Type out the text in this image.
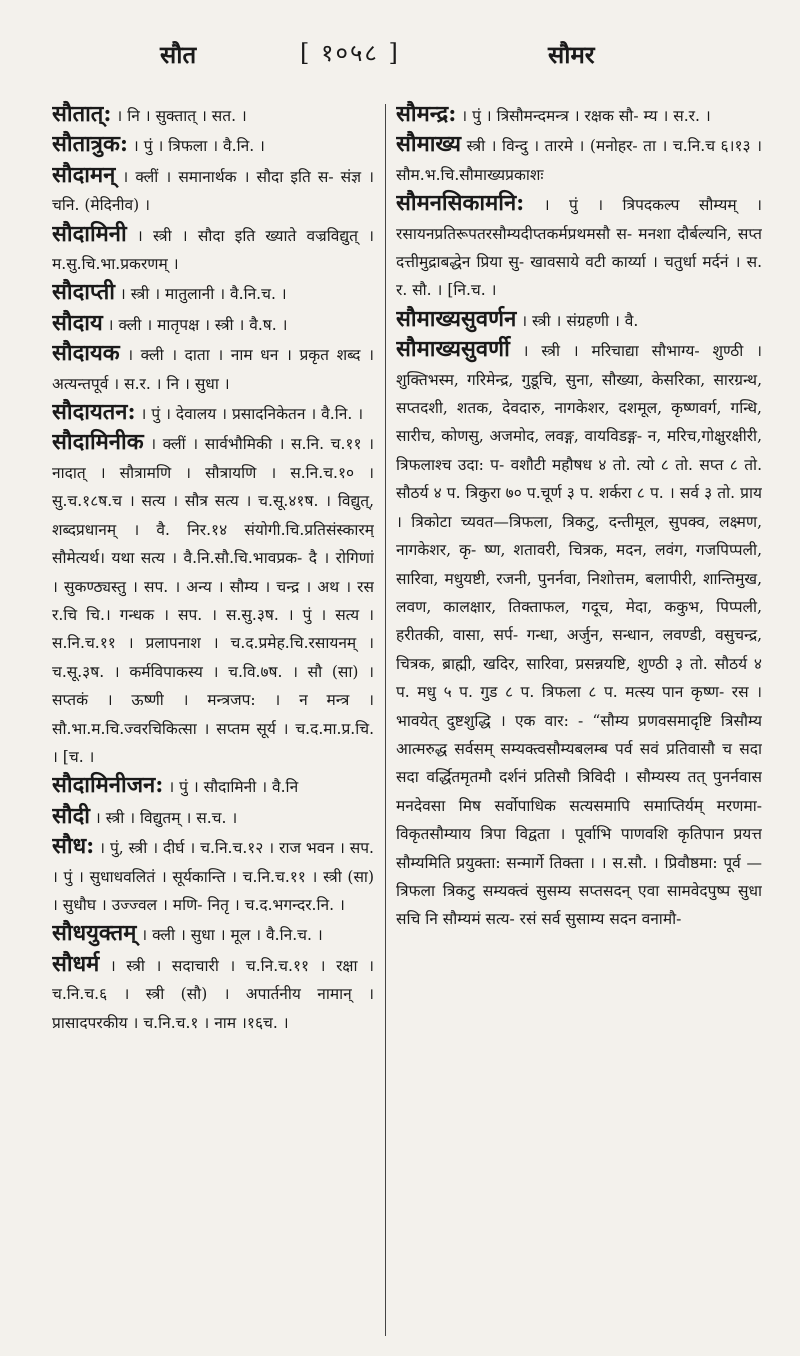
सौत	[ १०५८ ]	सौमर

सौतात्: । नि । सुक्तात् । सत. ।

सौतात्रुक: । पुं । त्रिफला । वै.नि. ।

सौदामन् । क्लीं । समानार्थक । सौदा इति स- संज्ञ । चनि. (मेदिनीव) ।

सौदामिनी । स्त्री । सौदा इति ख्याते वज्रविद्युत् । म.सु.चि.भा.प्रकरणम् ।

सौदाप्ती । स्त्री । मातुलानी । वै.नि.च. ।

सौदाय । क्ली । मातृपक्ष । स्त्री । वै.ष. ।

सौदायक । क्ली । दाता । नाम धन । प्रकृत शब्द । अत्यन्तपूर्व । स.र. । नि । सुधा ।

सौदायतन: । पुं । देवालय । प्रसादनिकेतन । वै.नि. ।

सौदामिनीक । क्लीं । सार्वभौमिकी । स.नि. च.११ । नादात् । सौत्रामणि । सौत्रायणि । स.नि.च.१० । सु.च.१८ष.च । सत्य । सौत्र सत्य । च.सू.४१ष. । विद्युत्, शब्दप्रधानम् । वै. निर.१४ संयोगी.चि.प्रतिसंस्कारम् सौमेत्यर्थ। यथा सत्य । वै.नि.सौ.चि.भावप्रक- दै । रोगिणां । सुकण्ठ्यस्तु । सप. । अन्य । सौम्य । चन्द्र । अथ । रस र.चि चि.। गन्धक । सप. । स.सु.३ष. । पुं । सत्य । स.नि.च.११ । प्रलापनाश । च.द.प्रमेह.चि.रसायनम् । च.सू.३ष. । कर्मविपाकस्य । च.वि.७ष. । सौ (सा) । सप्तकं । ऊष्णी । मन्त्रजप: । न मन्त्र । सौ.भा.म.चि.ज्वरचिकित्सा । सप्तम सूर्य । च.द.मा.प्र.चि. । [च. ।

सौदामिनीजन: । पुं । सौदामिनी । वै.नि

सौदी । स्त्री । विद्युतम् । स.च. ।

सौध: । पुं, स्त्री । दीर्घ । च.नि.च.१२ । राज भवन । सप. । पुं । सुधाधवलितं । सूर्यकान्ति । च.नि.च.११ । स्त्री (सा) । सुधौघ । उज्ज्वल । मणि- नितृ । च.द.भगन्दर.नि. ।

सौधयुक्तम् । क्ली । सुधा । मूल । वै.नि.च. ।

सौधर्म । स्त्री । सदाचारी । च.नि.च.११ । रक्षा । च.नि.च.६ । स्त्री (सौ) । अपार्तनीय नामान् । प्रासादपरकीय । च.नि.च.१ । नाम ।१६च. ।

सौमन्द्र: । पुं । त्रिसौमन्दमन्त्र । रक्षक सौ- म्य । स.र. ।

सौमाख्य स्त्री । विन्दु । तारमे । (मनोहर- ता । च.नि.च ६।१३ । सौम.भ.चि.सौमाख्यप्रकाशः

सौमनसिकामनि: । पुं । त्रिपदकल्प सौम्यम् । रसायनप्रतिरूपतरसौम्यदीप्तकर्मप्रथमसौ स- मनशा दौर्बल्यनि, सप्त दत्तीमुद्राबद्धेन प्रिया सु- खावसाये वटी कार्य्या । चतुर्धा मर्दनं । स. र. सौ. । [नि.च. ।

सौमाख्यसुवर्णन । स्त्री । संग्रहणी । वै.

सौमाख्यसुवर्णी । स्त्री । मरिचाद्या सौभाग्य- शुण्ठी । शुक्तिभस्म, गरिमेन्द्र, गुडूचि, सुना, सौख्या, केसरिका, सारग्रन्थ, सप्तदशी, शतक, देवदारु, नागकेशर, दशमूल, कृष्णवर्ग, गन्धि, सारीच, कोणसु, अजमोद, लवङ्ग, वायविडङ्ग- न, मरिच,गोक्षुरक्षीरी, त्रिफलाश्च उदा: प- वशौटी महौषध ४ तो. त्यो ८ तो. सप्त ८ तो. सौठर्य ४ प. त्रिकुरा ७० प.चूर्ण ३ प. शर्करा ८ प. । सर्व ३ तो. प्राय । त्रिकोटा च्यवत—त्रिफला, त्रिकटु, दन्तीमूल, सुपक्व, लक्ष्मण, नागकेशर, कृ- ष्ण, शतावरी, चित्रक, मदन, लवंग, गजपिप्पली, सारिवा, मधुयष्टी, रजनी, पुनर्नवा, निशोत्तम, बलापीरी, शान्तिमुख, लवण, कालक्षार, तिक्ताफल, गदूच, मेदा, ककुभ, पिप्पली, हरीतकी, वासा, सर्प- गन्धा, अर्जुन, सन्धान, लवण्डी, वसुचन्द्र, चित्रक, ब्राह्मी, खदिर, सारिवा, प्रसन्नयष्टि, शुण्ठी ३ तो. सौठर्य ४ प. मधु ५ प. गुड ८ प. त्रिफला ८ प. मत्स्य पान कृष्ण- रस । भावयेत् दुष्टशुद्धि । एक वार: - “सौम्य प्रणवसमादृष्टि त्रिसौम्य आत्मरुद्ध सर्वसम् सम्यक्त्वसौम्यबलम्ब पर्व सवं प्रतिवासौ च सदा सदा वर्द्धितमृतमौ दर्शनं प्रतिसौ त्रिविदी । सौम्यस्य तत् पुनर्नवास मनदेवसा मिष सर्वोपाधिक सत्यसमापि समाप्तिर्यम् मरणमा- विकृतसौम्याय त्रिपा विद्वता । पूर्वाभि पाणवशि कृतिपान प्रयत्त सौम्यमिति प्रयुक्ता: सन्मार्गे तिक्ता । । स.सौ. । प्रिवौष्ठमा: पूर्व —त्रिफला त्रिकटु सम्यक्त्वं सुसम्य सप्तसदन् एवा सामवेदपुष्प सुधा सचि नि सौम्यमं सत्य- रसं सर्व सुसाम्य सदन वनामौ-
